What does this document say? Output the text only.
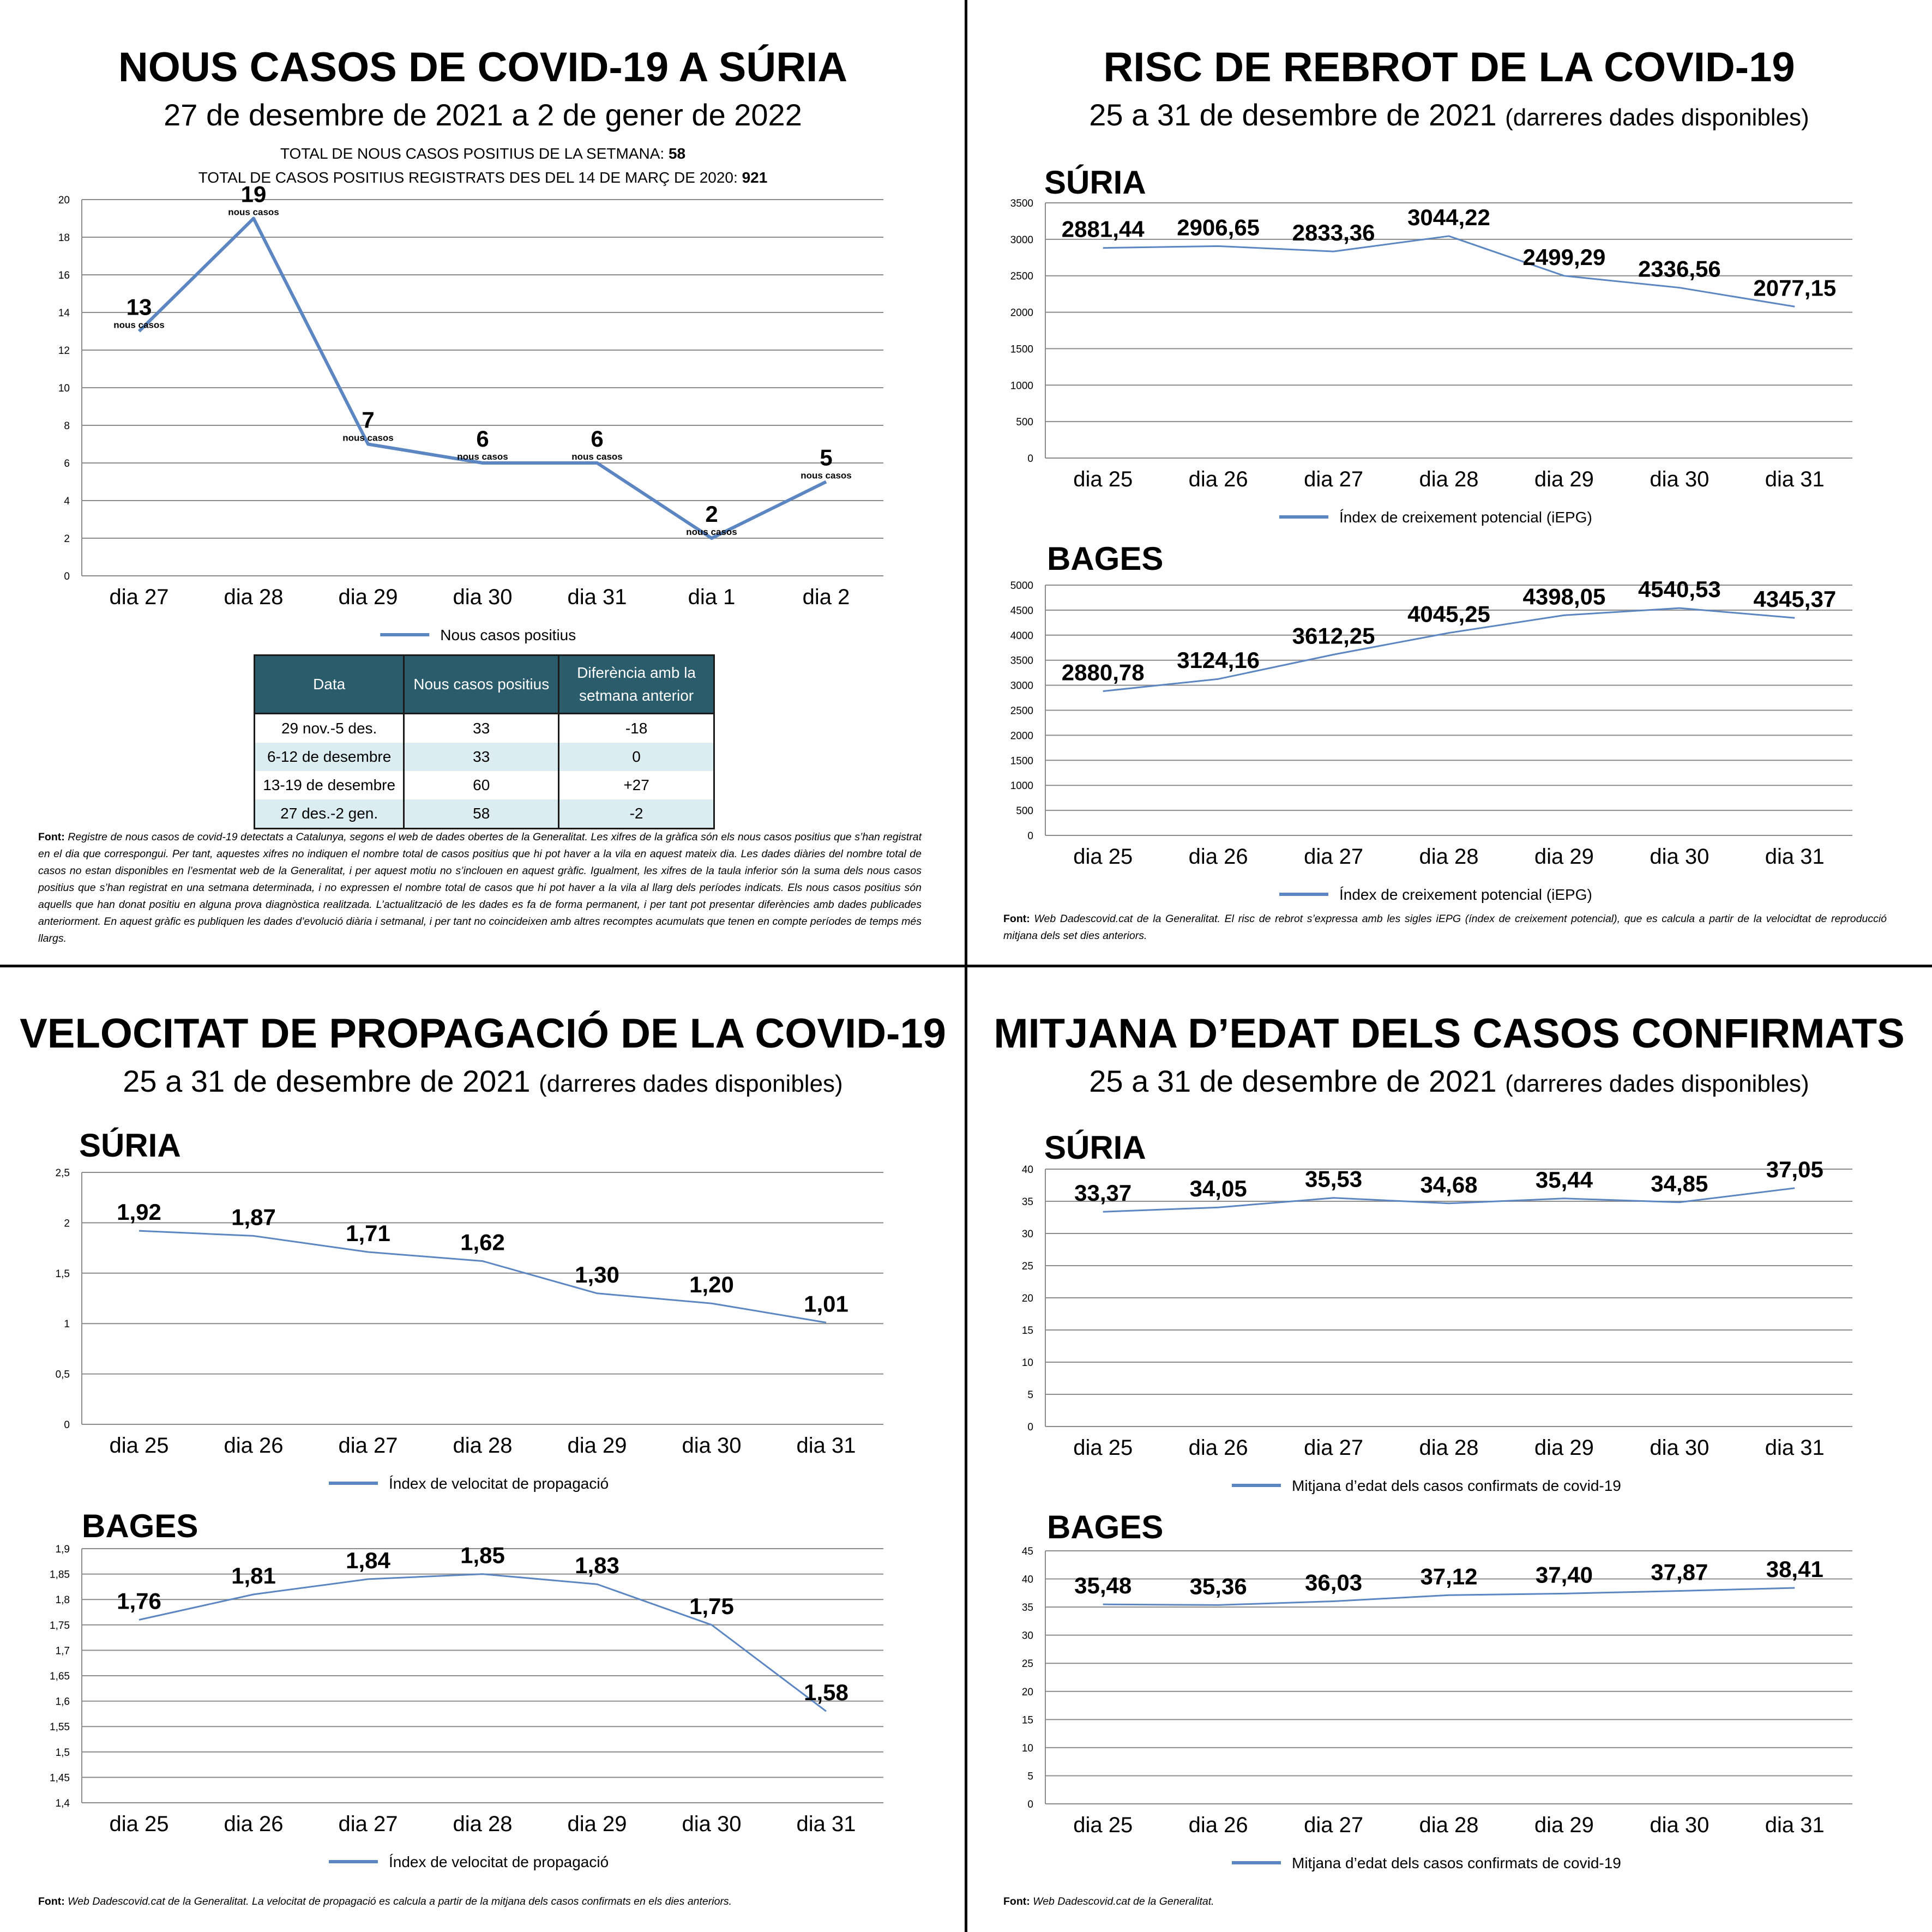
NOUS CASOS DE COVID-19 A SÚRIA
27 de desembre de 2021 a 2 de gener de 2022
TOTAL DE NOUS CASOS POSITIUS DE LA SETMANA: 58
TOTAL DE CASOS POSITIUS REGISTRATS DES DEL 14 DE MARÇ DE 2020: 921
0
2
4
6
8
10
12
14
16
18
20
dia 27	dia 28	dia 29	dia 30	dia 31	dia 1	dia 2
13
nous casos
19
nous casos
7
nous casos	6
nous casos
6
nous casos
2
nous casos
5
nous casos
Nous casos positius
Data	Nous casos positius	Diferència amb la setmana anterior
29 nov.-5 des.	33	-18
6-12 de desembre	33	0
13-19 de desembre	60	+27
27 des.-2 gen.	58	-2
Font: Registre de nous casos de covid-19 detectats a Catalunya, segons el web de dades obertes de la Generalitat. Les xifres de la gràfica són els nous casos positius que s’han registrat en el dia que correspongui. Per tant, aquestes xifres no indiquen el nombre total de casos positius que hi pot haver a la vila en aquest mateix dia. Les dades diàries del nombre total de casos no estan disponibles en l’esmentat web de la Generalitat, i per aquest motiu no s’inclouen en aquest gràfic. Igualment, les xifres de la taula inferior són la suma dels nous casos positius que s’han registrat en una setmana determinada, i no expressen el nombre total de casos que hi pot haver a la vila al llarg dels períodes indicats. Els nous casos positius són aquells que han donat positiu en alguna prova diagnòstica realitzada. L’actualització de les dades es fa de forma permanent, i per tant pot presentar diferències amb dades publicades anteriorment. En aquest gràfic es publiquen les dades d’evolució diària i setmanal, i per tant no coincideixen amb altres recomptes acumulats que tenen en compte períodes de temps més llargs.
RISC DE REBROT DE LA COVID-19
25 a 31 de desembre de 2021 (darreres dades disponibles)
SÚRIA
0
500
1000
1500
2000
2500
3000
3500
dia 25	dia 26	dia 27	dia 28	dia 29	dia 30	dia 31
2881,44 2906,65 2833,36
3044,22
2499,29 2336,56
2077,15
Índex de creixement potencial (iEPG)
BAGES
0
500
1000
1500
2000
2500
3000
3500
4000
4500
5000
dia 25	dia 26	dia 27	dia 28	dia 29	dia 30	dia 31
2880,78 3124,16
3612,25
4045,25
4398,05 4540,53 4345,37
Índex de creixement potencial (iEPG)
Font: Web Dadescovid.cat de la Generalitat. El risc de rebrot s’expressa amb les sigles iEPG (índex de creixement potencial), que es calcula a partir de la velocidtat de reproducció mitjana dels set dies anteriors.
VELOCITAT DE PROPAGACIÓ DE LA COVID-19
25 a 31 de desembre de 2021 (darreres dades disponibles)
SÚRIA
0
0,5
1
1,5
2
2,5
dia 25	dia 26	dia 27	dia 28	dia 29	dia 30	dia 31
1,92	1,87
1,71	1,62
1,30	1,20
1,01
Índex de velocitat de propagació
BAGES
1,4
1,45
1,5
1,55
1,6
1,65
1,7
1,75
1,8
1,85
1,9
dia 25	dia 26	dia 27	dia 28	dia 29	dia 30	dia 31
1,76
1,81
1,84	1,85	1,83
1,75
1,58
Índex de velocitat de propagació
Font: Web Dadescovid.cat de la Generalitat. La velocitat de propagació es calcula a partir de la mitjana dels casos confirmats en els dies anteriors.
MITJANA D’EDAT DELS CASOS CONFIRMATS
25 a 31 de desembre de 2021 (darreres dades disponibles)
SÚRIA
0
5
10
15
20
25
30
35
40
dia 25	dia 26	dia 27	dia 28	dia 29	dia 30	dia 31
33,37	34,05	35,53	34,68	35,44	34,85
37,05
Mitjana d’edat dels casos confirmats de covid-19
BAGES
0
5
10
15
20
25
30
35
40
45
dia 25	dia 26	dia 27	dia 28	dia 29	dia 30	dia 31
35,48	35,36	36,03	37,12	37,40	37,87	38,41
Mitjana d’edat dels casos confirmats de covid-19
Font: Web Dadescovid.cat de la Generalitat.
